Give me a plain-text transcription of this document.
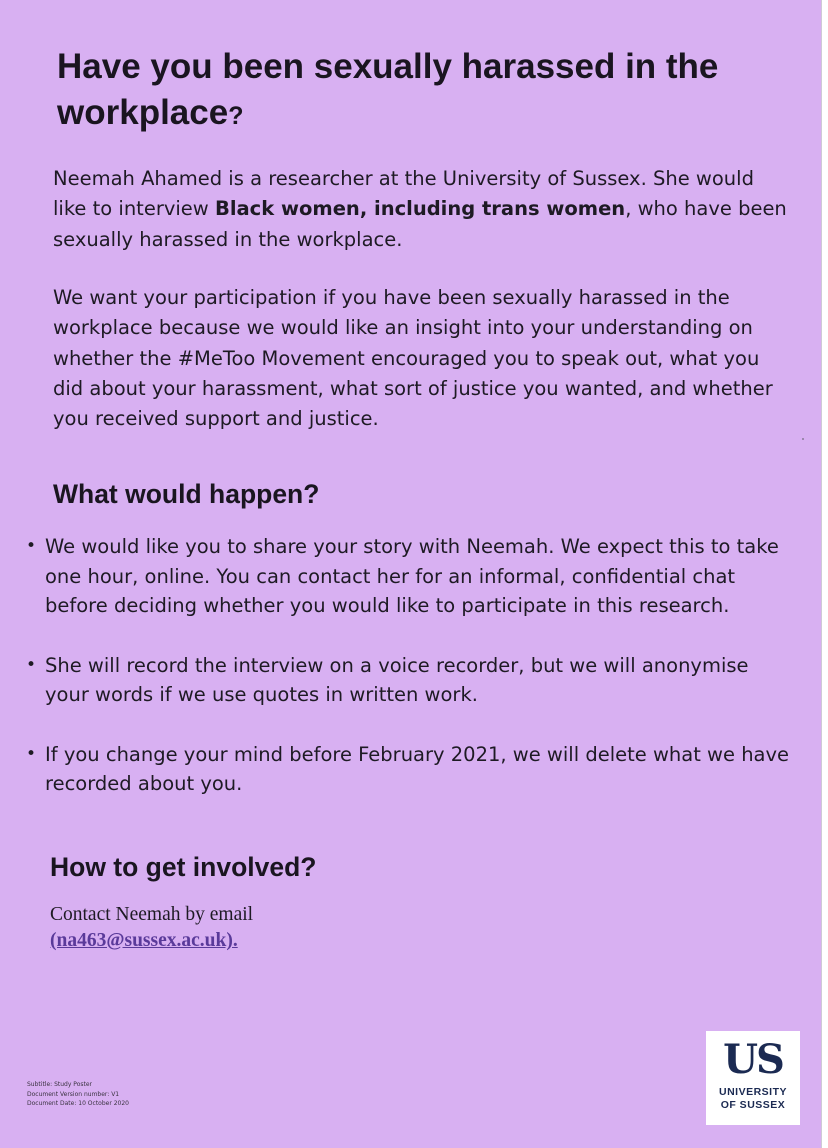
Have you been sexually harassed in the workplace?

Neemah Ahamed is a researcher at the University of Sussex. She would like to interview Black women, including trans women, who have been sexually harassed in the workplace.

We want your participation if you have been sexually harassed in the workplace because we would like an insight into your understanding on whether the #MeToo Movement encouraged you to speak out, what you did about your harassment, what sort of justice you wanted, and whether you received support and justice.

What would happen?
• We would like you to share your story with Neemah. We expect this to take one hour, online. You can contact her for an informal, confidential chat before deciding whether you would like to participate in this research.
• She will record the interview on a voice recorder, but we will anonymise your words if we use quotes in written work.
• If you change your mind before February 2021, we will delete what we have recorded about you.
How to get involved?
Contact Neemah by email
(na463@sussex.ac.uk).
Subtitle: Study Poster
Document Version number: V1
Document Date: 10 October 2020
US
UNIVERSITY
OF SUSSEX
